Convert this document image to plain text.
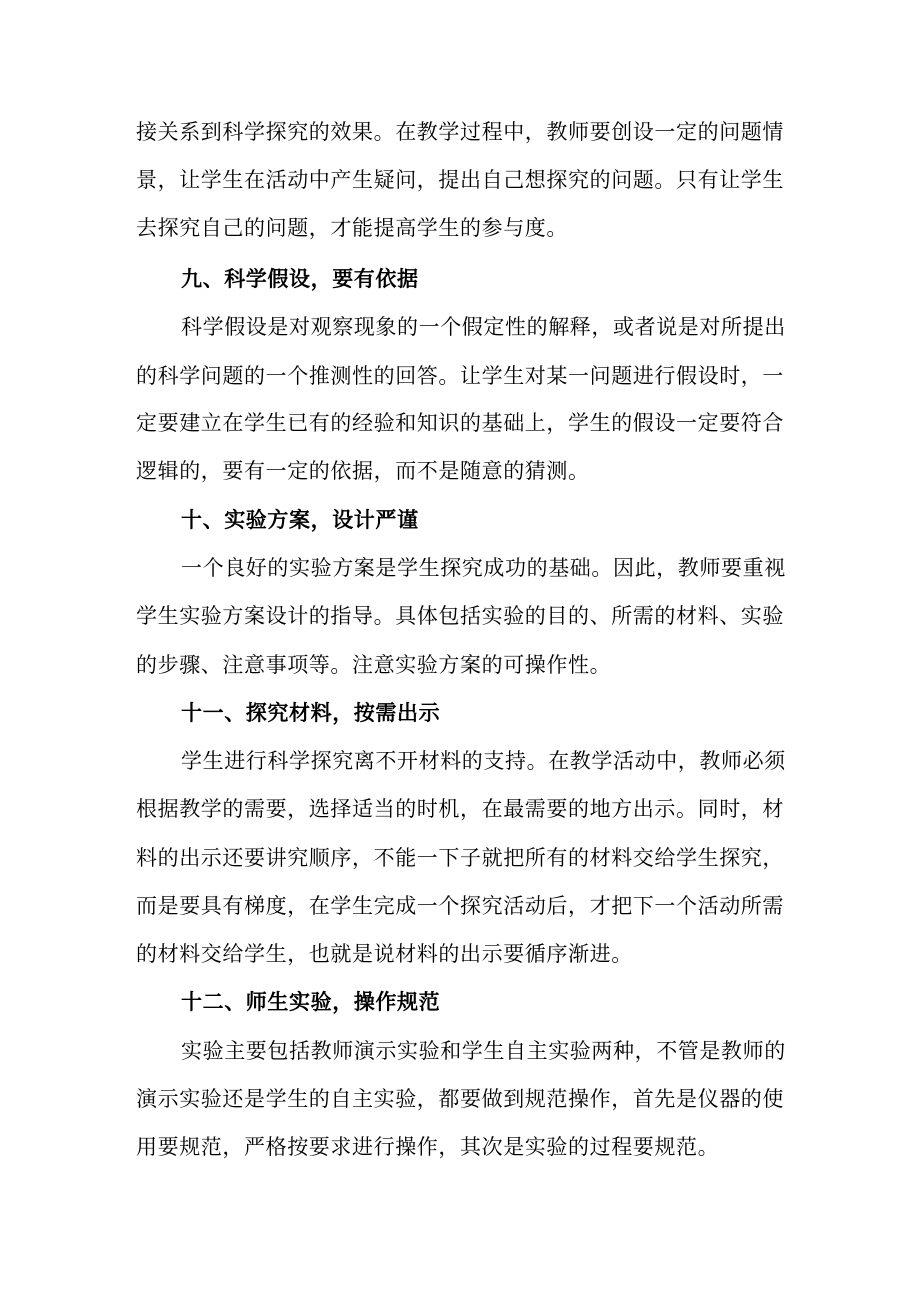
接关系到科学探究的效果。在教学过程中，教师要创设一定的问题情
景，让学生在活动中产生疑问，提出自己想探究的问题。只有让学生
去探究自己的问题，才能提高学生的参与度。
九、科学假设，要有依据
科学假设是对观察现象的一个假定性的解释，或者说是对所提出
的科学问题的一个推测性的回答。让学生对某一问题进行假设时，一
定要建立在学生已有的经验和知识的基础上，学生的假设一定要符合
逻辑的，要有一定的依据，而不是随意的猜测。
十、实验方案，设计严谨
一个良好的实验方案是学生探究成功的基础。因此，教师要重视
学生实验方案设计的指导。具体包括实验的目的、所需的材料、实验
的步骤、注意事项等。注意实验方案的可操作性。
十一、探究材料，按需出示
学生进行科学探究离不开材料的支持。在教学活动中，教师必须
根据教学的需要，选择适当的时机，在最需要的地方出示。同时，材
料的出示还要讲究顺序，不能一下子就把所有的材料交给学生探究，
而是要具有梯度，在学生完成一个探究活动后，才把下一个活动所需
的材料交给学生，也就是说材料的出示要循序渐进。
十二、师生实验，操作规范
实验主要包括教师演示实验和学生自主实验两种，不管是教师的
演示实验还是学生的自主实验，都要做到规范操作，首先是仪器的使
用要规范，严格按要求进行操作，其次是实验的过程要规范。
